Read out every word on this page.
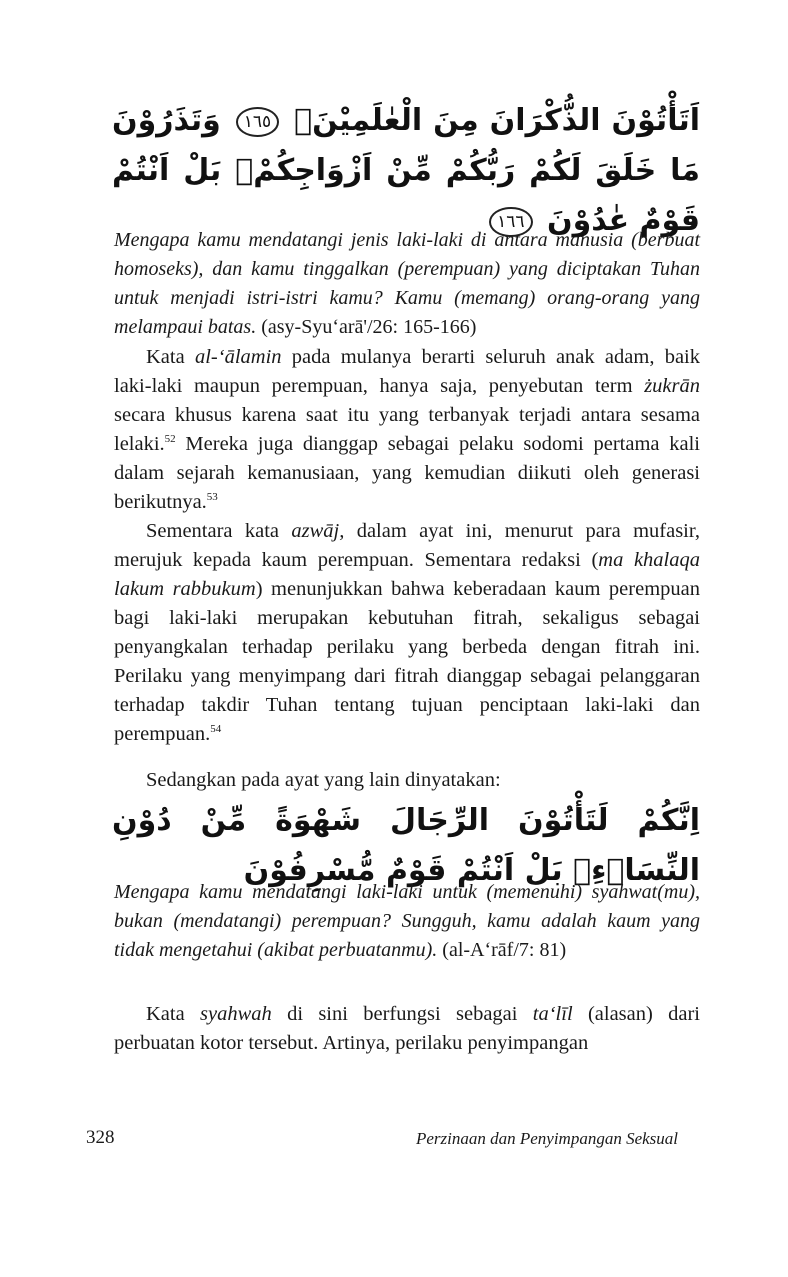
اَتَأْتُوْنَ الذُّكْرَانَ مِنَ الْعٰلَمِيْنَۙ ١٦٥ وَتَذَرُوْنَ مَا خَلَقَ لَكُمْ رَبُّكُمْ مِّنْ اَزْوَاجِكُمْۗ بَلْ اَنْتُمْ قَوْمٌ عٰدُوْنَ ١٦٦
Mengapa kamu mendatangi jenis laki-laki di antara manusia (berbuat homoseks), dan kamu tinggalkan (perempuan) yang diciptakan Tuhan untuk menjadi istri-istri kamu? Kamu (memang) orang-orang yang melampaui batas. (asy-Syu‘arā'/26: 165-166)
Kata al-‘ālamin pada mulanya berarti seluruh anak adam, baik laki-laki maupun perempuan, hanya saja, penyebutan term żukrān secara khusus karena saat itu yang terbanyak terjadi antara sesama lelaki.$^{52}$ Mereka juga dianggap sebagai pelaku sodomi pertama kali dalam sejarah kemanusiaan, yang kemudian diikuti oleh generasi berikutnya.$^{53}$
Sementara kata azwāj, dalam ayat ini, menurut para mufasir, merujuk kepada kaum perempuan. Sementara redaksi (ma khalaqa lakum rabbukum) menunjukkan bahwa keberadaan kaum perempuan bagi laki-laki merupakan kebutuhan fitrah, sekaligus sebagai penyangkalan terhadap perilaku yang berbeda dengan fitrah ini. Perilaku yang menyimpang dari fitrah dianggap sebagai pelanggaran terhadap takdir Tuhan tentang tujuan penciptaan laki-laki dan perempuan.$^{54}$
Sedangkan pada ayat yang lain dinyatakan:
اِنَّكُمْ لَتَأْتُوْنَ الرِّجَالَ شَهْوَةً مِّنْ دُوْنِ النِّسَاۤءِۗ بَلْ اَنْتُمْ قَوْمٌ مُّسْرِفُوْنَ
Mengapa kamu mendatangi laki-laki untuk (memenuhi) syahwat(mu), bukan (mendatangi) perempuan? Sungguh, kamu adalah kaum yang tidak mengetahui (akibat perbuatanmu). (al-A‘rāf/7: 81)
Kata syahwah di sini berfungsi sebagai ta‘līl (alasan) dari perbuatan kotor tersebut. Artinya, perilaku penyimpangan
328	Perzinaan dan Penyimpangan Seksual
